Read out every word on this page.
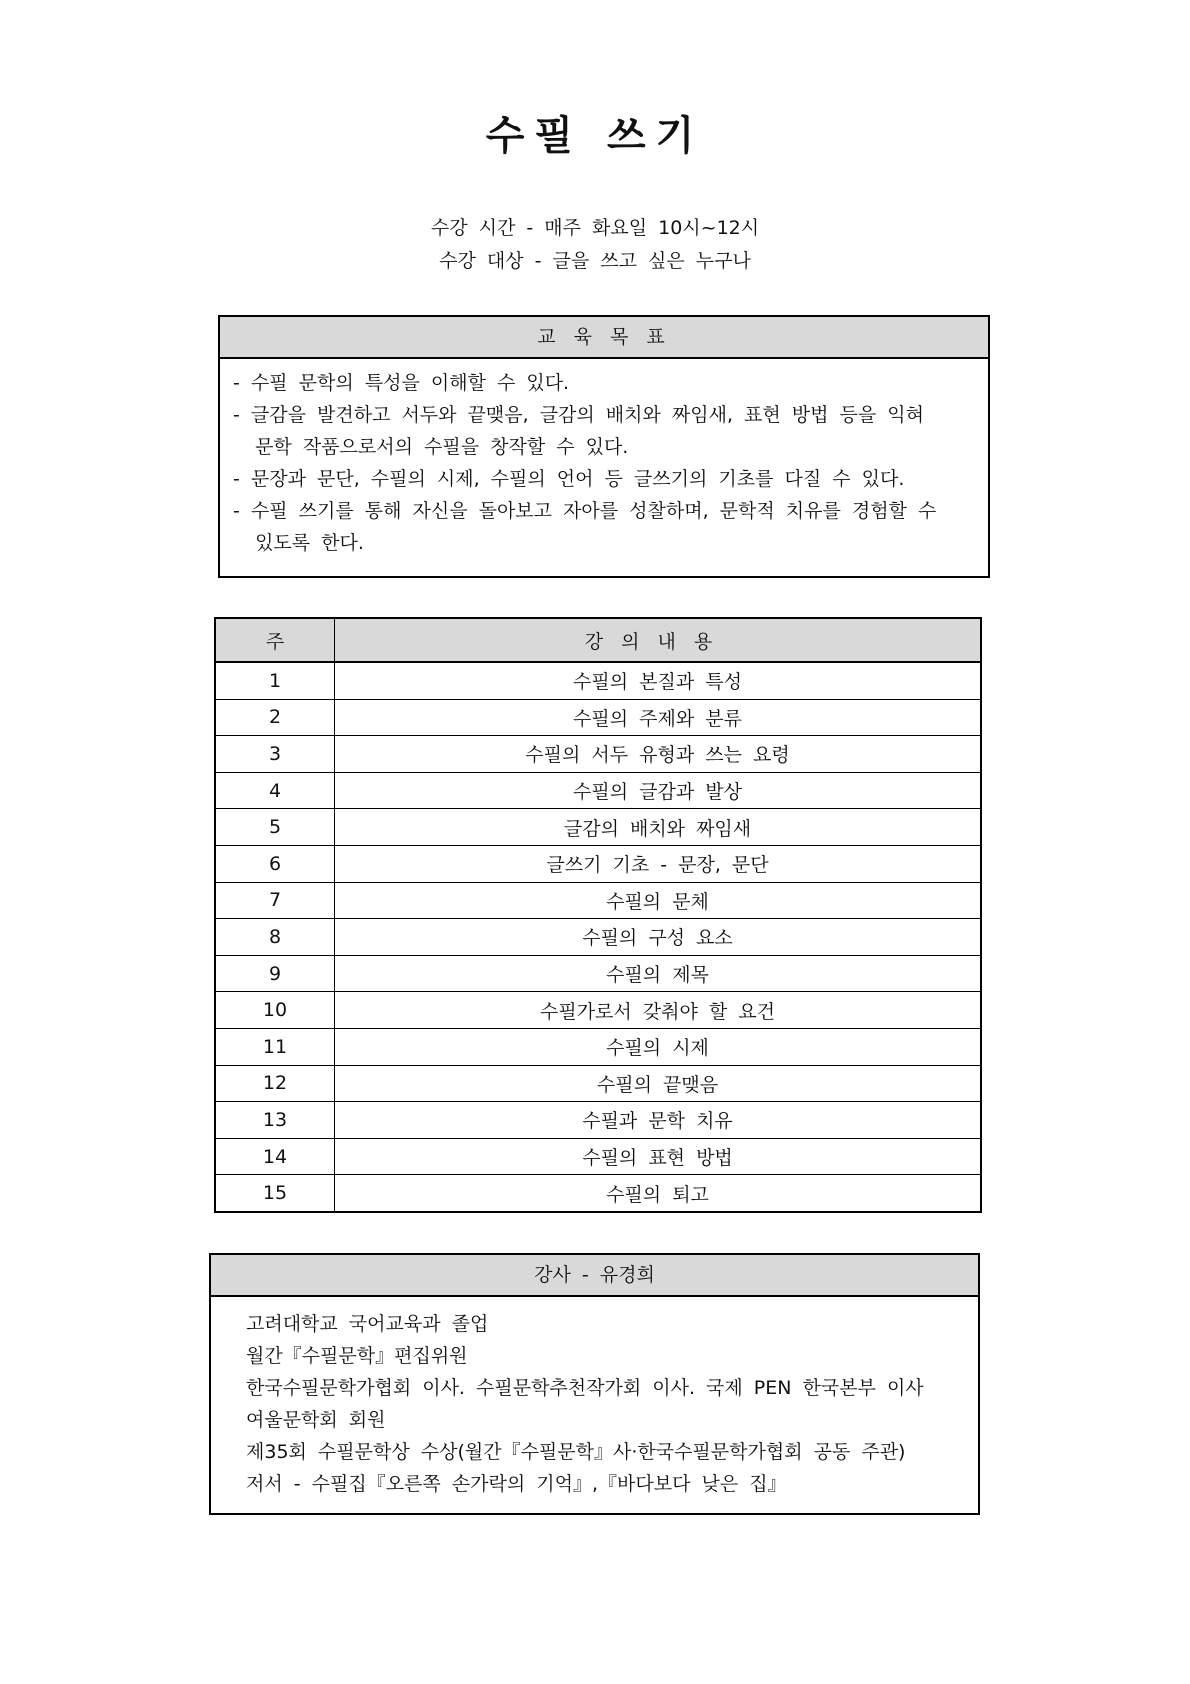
수필 쓰기
수강 시간 - 매주 화요일 10시~12시
수강 대상 - 글을 쓰고 싶은 누구나
교 육 목 표
- 수필 문학의 특성을 이해할 수 있다.
- 글감을 발견하고 서두와 끝맺음, 글감의 배치와 짜임새, 표현 방법 등을 익혀
문학 작품으로서의 수필을 창작할 수 있다.
- 문장과 문단, 수필의 시제, 수필의 언어 등 글쓰기의 기초를 다질 수 있다.
- 수필 쓰기를 통해 자신을 돌아보고 자아를 성찰하며, 문학적 치유를 경험할 수
있도록 한다.
주	강의내용
1	수필의 본질과 특성
2	수필의 주제와 분류
3	수필의 서두 유형과 쓰는 요령
4	수필의 글감과 발상
5	글감의 배치와 짜임새
6	글쓰기 기초 - 문장, 문단
7	수필의 문체
8	수필의 구성 요소
9	수필의 제목
10	수필가로서 갖춰야 할 요건
11	수필의 시제
12	수필의 끝맺음
13	수필과 문학 치유
14	수필의 표현 방법
15	수필의 퇴고
강사 - 유경희
고려대학교 국어교육과 졸업
월간『수필문학』편집위원
한국수필문학가협회 이사. 수필문학추천작가회 이사. 국제 PEN 한국본부 이사
여울문학회 회원
제35회 수필문학상 수상(월간『수필문학』사·한국수필문학가협회 공동 주관)
저서 - 수필집『오른쪽 손가락의 기억』,『바다보다 낮은 집』
